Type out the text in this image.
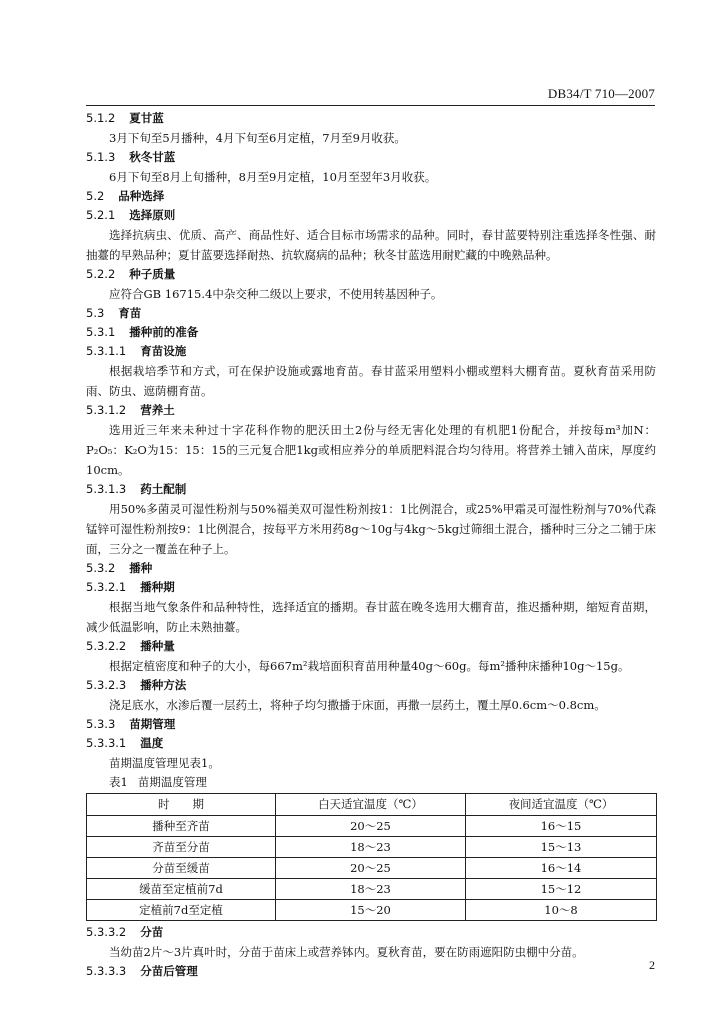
DB34/T 710—2007
5.1.2 夏甘蓝

3月下旬至5月播种，4月下旬至6月定植，7月至9月收获。

5.1.3 秋冬甘蓝

6月下旬至8月上旬播种，8月至9月定植，10月至翌年3月收获。

5.2 品种选择
5.2.1 选择原则

选择抗病虫、优质、高产、商品性好、适合目标市场需求的品种。同时，春甘蓝要特别注重选择冬性强、耐抽薹的早熟品种；夏甘蓝要选择耐热、抗软腐病的品种；秋冬甘蓝选用耐贮藏的中晚熟品种。

5.2.2 种子质量

应符合GB 16715.4中杂交种二级以上要求，不使用转基因种子。

5.3 育苗
5.3.1 播种前的准备
5.3.1.1 育苗设施

根据栽培季节和方式，可在保护设施或露地育苗。春甘蓝采用塑料小棚或塑料大棚育苗。夏秋育苗采用防雨、防虫、遮荫棚育苗。

5.3.1.2 营养土

选用近三年来未种过十字花科作物的肥沃田土2份与经无害化处理的有机肥1份配合，并按每m³加N：P₂O₅：K₂O为15：15：15的三元复合肥1kg或相应养分的单质肥料混合均匀待用。将营养土铺入苗床，厚度约10cm。

5.3.1.3 药土配制

用50%多菌灵可湿性粉剂与50%福美双可湿性粉剂按1：1比例混合，或25%甲霜灵可湿性粉剂与70%代森锰锌可湿性粉剂按9：1比例混合，按每平方米用药8g～10g与4kg～5kg过筛细土混合，播种时三分之二铺于床面，三分之一覆盖在种子上。

5.3.2 播种
5.3.2.1 播种期

根据当地气象条件和品种特性，选择适宜的播期。春甘蓝在晚冬选用大棚育苗，推迟播种期，缩短育苗期，减少低温影响，防止未熟抽薹。

5.3.2.2 播种量

根据定植密度和种子的大小，每667m²栽培面积育苗用种量40g～60g。每m²播种床播种10g～15g。

5.3.2.3 播种方法

浇足底水，水渗后覆一层药土，将种子均匀撒播于床面，再撒一层药土，覆土厚0.6cm～0.8cm。

5.3.3 苗期管理
5.3.3.1 温度

苗期温度管理见表1。

表1 苗期温度管理
时　　期	白天适宜温度（℃）	夜间适宜温度（℃）
播种至齐苗	20～25	16～15
齐苗至分苗	18～23	15～13
分苗至缓苗	20～25	16～14
缓苗至定植前7d	18～23	15～12
定植前7d至定植	15～20	10～8
5.3.3.2 分苗

当幼苗2片～3片真叶时，分苗于苗床上或营养钵内。夏秋育苗，要在防雨遮阳防虫棚中分苗。

5.3.3.3 分苗后管理	2
